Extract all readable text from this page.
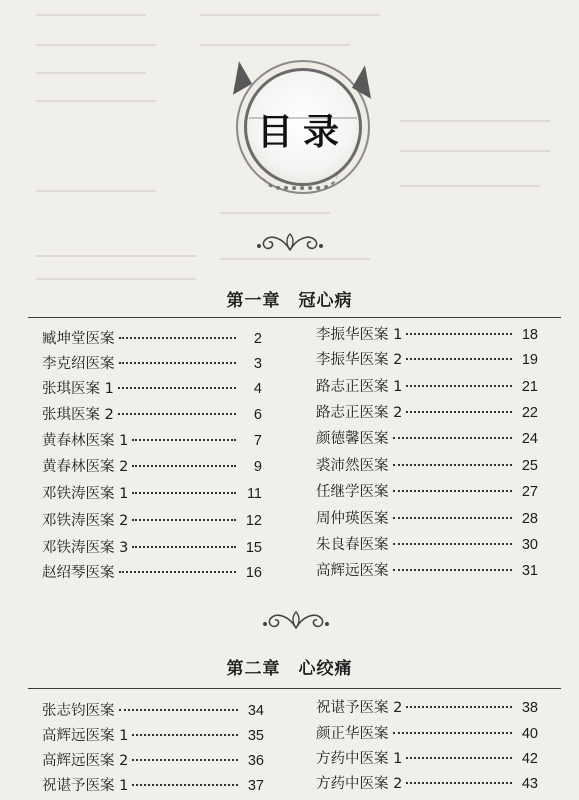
目录
第一章 冠心病
臧坤堂医案	2
李克绍医案	3
张琪医案 1	4
张琪医案 2	6
黄春林医案 1	7
黄春林医案 2	9
邓铁涛医案 1	11
邓铁涛医案 2	12
邓铁涛医案 3	15
赵绍琴医案	16
李振华医案 1	18
李振华医案 2	19
路志正医案 1	21
路志正医案 2	22
颜德馨医案	24
裘沛然医案	25
任继学医案	27
周仲瑛医案	28
朱良春医案	30
高辉远医案	31
第二章 心绞痛
张志钧医案	34
高辉远医案 1	35
高辉远医案 2	36
祝谌予医案 1	37
祝谌予医案 2	38
颜正华医案	40
方药中医案 1	42
方药中医案 2	43
